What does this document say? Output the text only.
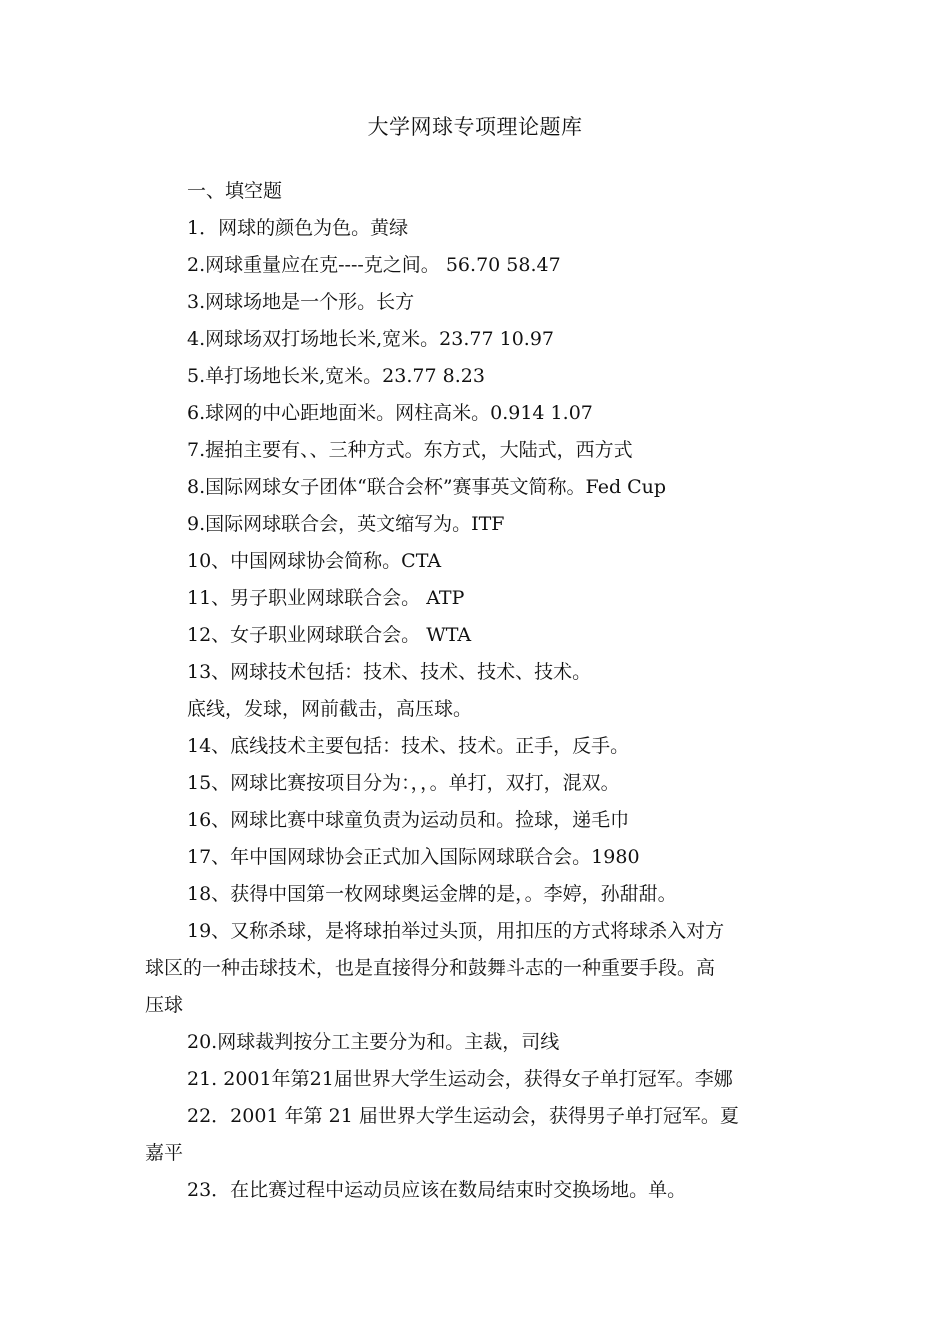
大学网球专项理论题库
一、填空题
1．网球的颜色为色。黄绿
2.网球重量应在克----克之间。 56.70 58.47
3.网球场地是一个形。长方
4.网球场双打场地长米,宽米。23.77 10.97
5.单打场地长米,宽米。23.77 8.23
6.球网的中心距地面米。网柱高米。0.914 1.07
7.握拍主要有、、三种方式。东方式，大陆式，西方式
8.国际网球女子团体“联合会杯”赛事英文简称。Fed Cup
9.国际网球联合会，英文缩写为。ITF
10、中国网球协会简称。CTA
11、男子职业网球联合会。 ATP
12、女子职业网球联合会。 WTA
13、网球技术包括：技术、技术、技术、技术。
底线，发球，网前截击，高压球。
14、底线技术主要包括：技术、技术。正手，反手。
15、网球比赛按项目分为：，，。单打，双打，混双。
16、网球比赛中球童负责为运动员和。捡球，递毛巾
17、年中国网球协会正式加入国际网球联合会。1980
18、获得中国第一枚网球奥运金牌的是，。李婷，孙甜甜。
19、又称杀球，是将球拍举过头顶，用扣压的方式将球杀入对方
球区的一种击球技术，也是直接得分和鼓舞斗志的一种重要手段。高
压球
20.网球裁判按分工主要分为和。主裁，司线
21. 2001年第21届世界大学生运动会，获得女子单打冠军。李娜
22．2001 年第 21 届世界大学生运动会，获得男子单打冠军。夏
嘉平
23．在比赛过程中运动员应该在数局结束时交换场地。单。
